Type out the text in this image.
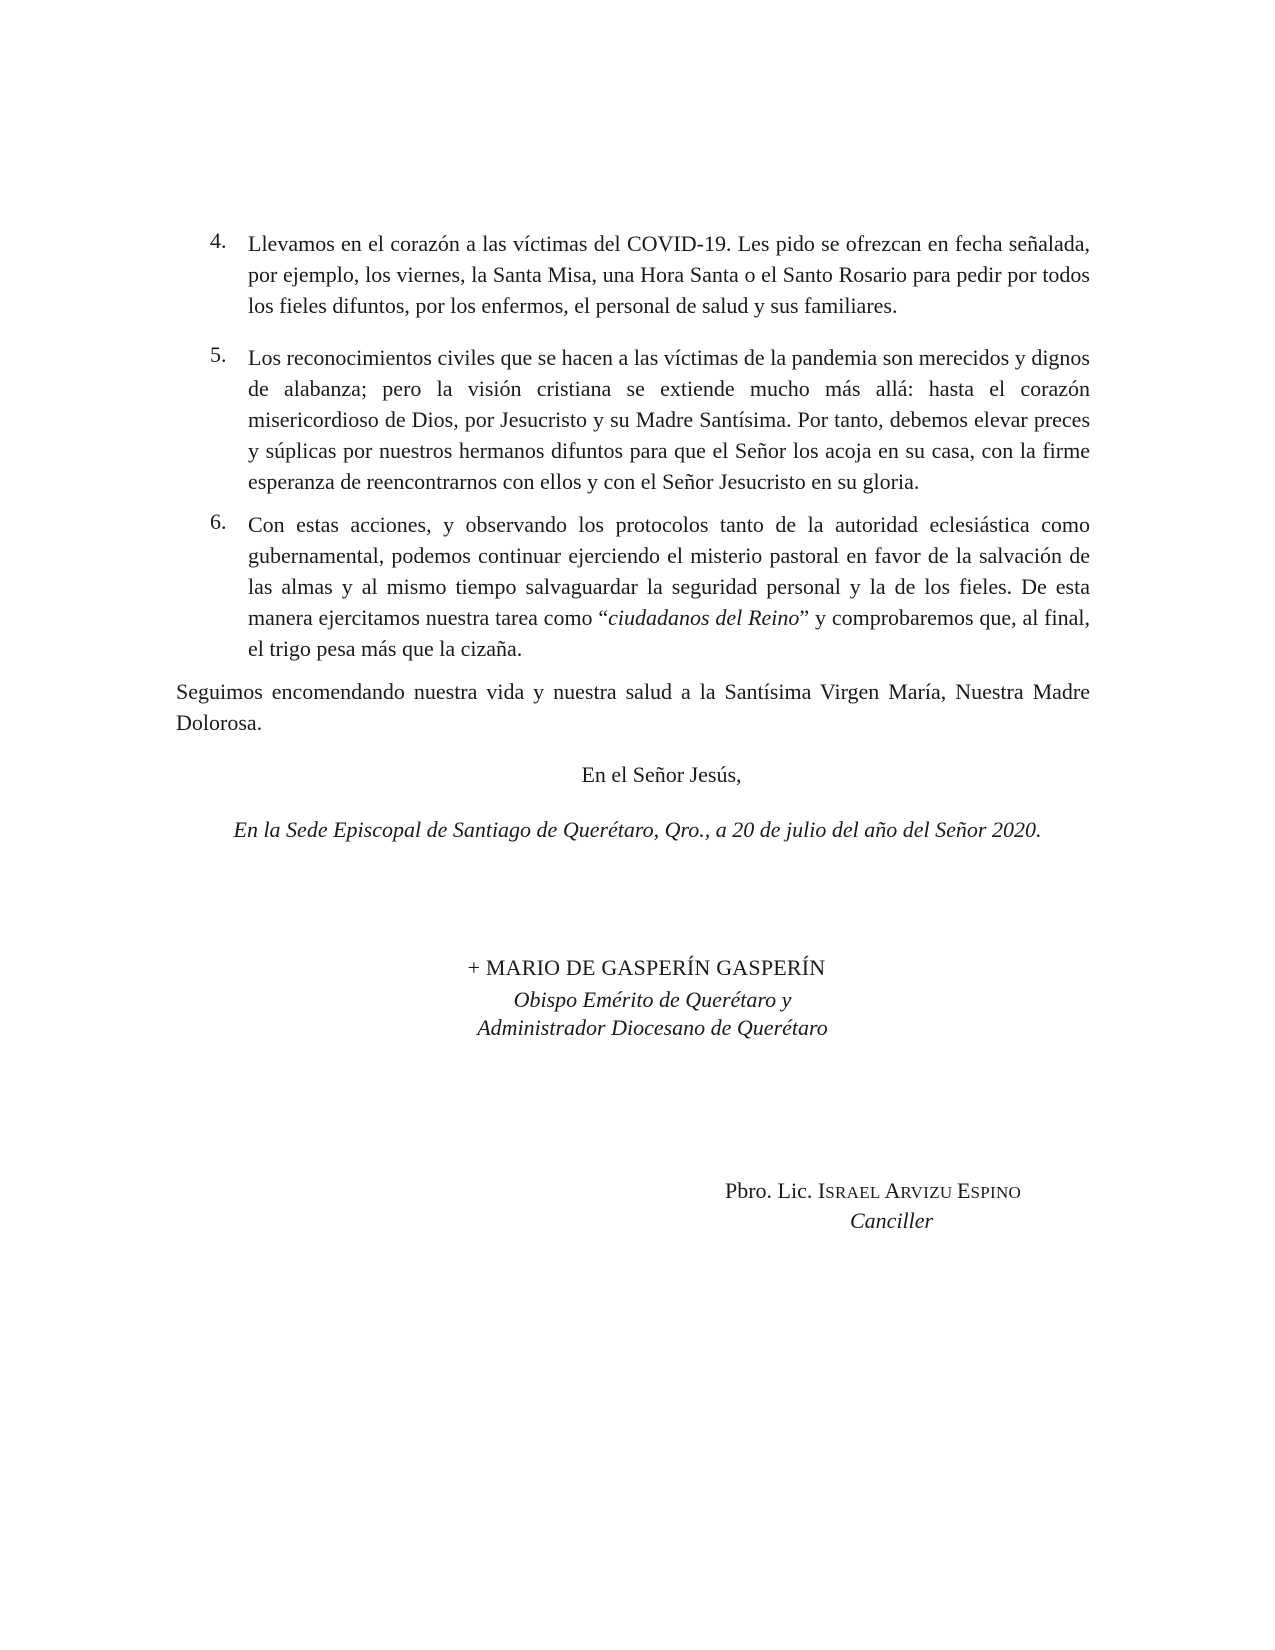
4. Llevamos en el corazón a las víctimas del COVID-19. Les pido se ofrezcan en fecha señalada, por ejemplo, los viernes, la Santa Misa, una Hora Santa o el Santo Rosario para pedir por todos los fieles difuntos, por los enfermos, el personal de salud y sus familiares.
5. Los reconocimientos civiles que se hacen a las víctimas de la pandemia son merecidos y dignos de alabanza; pero la visión cristiana se extiende mucho más allá: hasta el corazón misericordioso de Dios, por Jesucristo y su Madre Santísima. Por tanto, debemos elevar preces y súplicas por nuestros hermanos difuntos para que el Señor los acoja en su casa, con la firme esperanza de reencontrarnos con ellos y con el Señor Jesucristo en su gloria.
6. Con estas acciones, y observando los protocolos tanto de la autoridad eclesiástica como gubernamental, podemos continuar ejerciendo el misterio pastoral en favor de la salvación de las almas y al mismo tiempo salvaguardar la seguridad personal y la de los fieles. De esta manera ejercitamos nuestra tarea como “ciudadanos del Reino” y comprobaremos que, al final, el trigo pesa más que la cizaña.
Seguimos encomendando nuestra vida y nuestra salud a la Santísima Virgen María, Nuestra Madre Dolorosa.
En el Señor Jesús,
En la Sede Episcopal de Santiago de Querétaro, Qro., a 20 de julio del año del Señor 2020.
+ MARIO DE GASPERÍN GASPERÍN
Obispo Emérito de Querétaro y
Administrador Diocesano de Querétaro
Pbro. Lic. ISRAEL ARVIZU ESPINO
Canciller
